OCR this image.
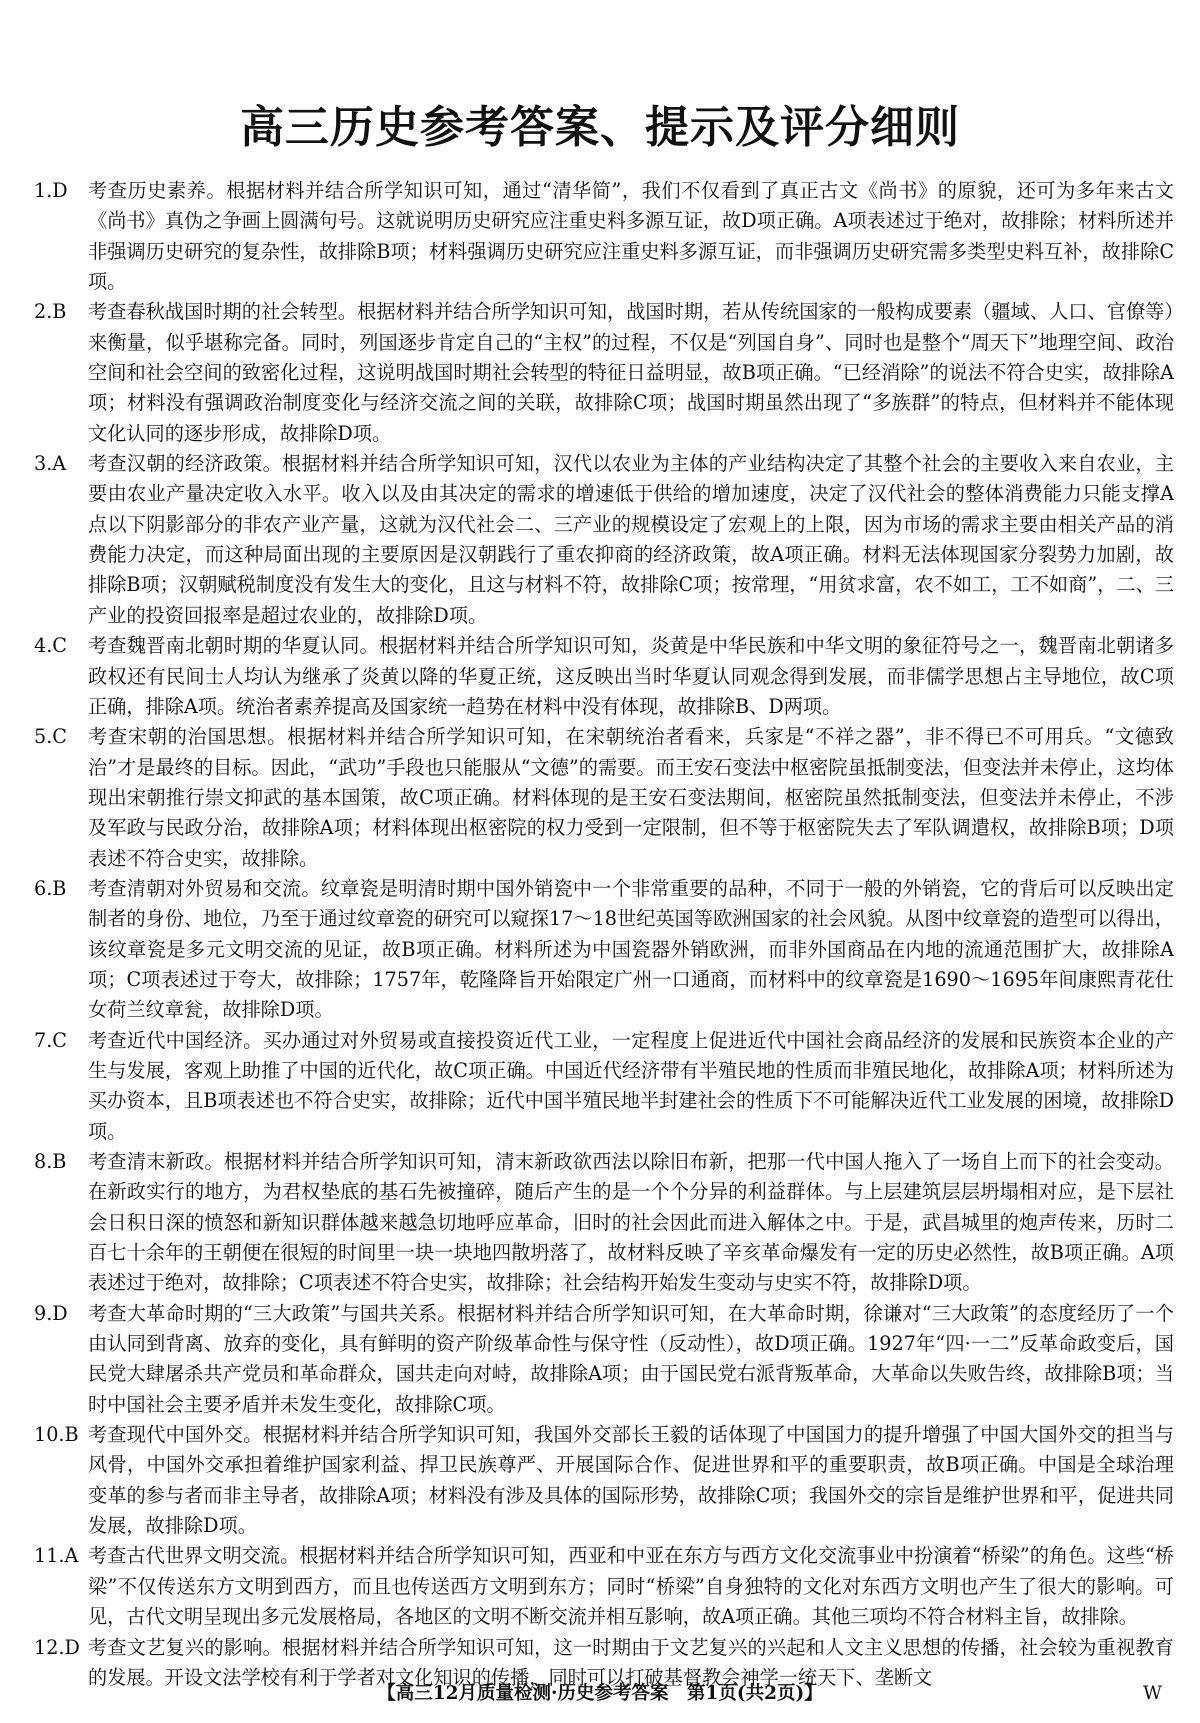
高三历史参考答案、提示及评分细则
1.D	考查历史素养。根据材料并结合所学知识可知，通过“清华简”，我们不仅看到了真正古文《尚书》的原貌，还可为多年来古文《尚书》真伪之争画上圆满句号。这就说明历史研究应注重史料多源互证，故D项正确。A项表述过于绝对，故排除；材料所述并非强调历史研究的复杂性，故排除B项；材料强调历史研究应注重史料多源互证，而非强调历史研究需多类型史料互补，故排除C项。
2.B	考查春秋战国时期的社会转型。根据材料并结合所学知识可知，战国时期，若从传统国家的一般构成要素（疆域、人口、官僚等）来衡量，似乎堪称完备。同时，列国逐步肯定自己的“主权”的过程，不仅是“列国自身”、同时也是整个“周天下”地理空间、政治空间和社会空间的致密化过程，这说明战国时期社会转型的特征日益明显，故B项正确。“已经消除”的说法不符合史实，故排除A项；材料没有强调政治制度变化与经济交流之间的关联，故排除C项；战国时期虽然出现了“多族群”的特点，但材料并不能体现文化认同的逐步形成，故排除D项。
3.A	考查汉朝的经济政策。根据材料并结合所学知识可知，汉代以农业为主体的产业结构决定了其整个社会的主要收入来自农业，主要由农业产量决定收入水平。收入以及由其决定的需求的增速低于供给的增加速度，决定了汉代社会的整体消费能力只能支撑A点以下阴影部分的非农产业产量，这就为汉代社会二、三产业的规模设定了宏观上的上限，因为市场的需求主要由相关产品的消费能力决定，而这种局面出现的主要原因是汉朝践行了重农抑商的经济政策，故A项正确。材料无法体现国家分裂势力加剧，故排除B项；汉朝赋税制度没有发生大的变化，且这与材料不符，故排除C项；按常理，“用贫求富，农不如工，工不如商”，二、三产业的投资回报率是超过农业的，故排除D项。
4.C	考查魏晋南北朝时期的华夏认同。根据材料并结合所学知识可知，炎黄是中华民族和中华文明的象征符号之一，魏晋南北朝诸多政权还有民间士人均认为继承了炎黄以降的华夏正统，这反映出当时华夏认同观念得到发展，而非儒学思想占主导地位，故C项正确，排除A项。统治者素养提高及国家统一趋势在材料中没有体现，故排除B、D两项。
5.C	考查宋朝的治国思想。根据材料并结合所学知识可知，在宋朝统治者看来，兵家是“不祥之器”，非不得已不可用兵。“文德致治”才是最终的目标。因此，“武功”手段也只能服从“文德”的需要。而王安石变法中枢密院虽抵制变法，但变法并未停止，这均体现出宋朝推行崇文抑武的基本国策，故C项正确。材料体现的是王安石变法期间，枢密院虽然抵制变法，但变法并未停止，不涉及军政与民政分治，故排除A项；材料体现出枢密院的权力受到一定限制，但不等于枢密院失去了军队调遣权，故排除B项；D项表述不符合史实，故排除。
6.B	考查清朝对外贸易和交流。纹章瓷是明清时期中国外销瓷中一个非常重要的品种，不同于一般的外销瓷，它的背后可以反映出定制者的身份、地位，乃至于通过纹章瓷的研究可以窥探17～18世纪英国等欧洲国家的社会风貌。从图中纹章瓷的造型可以得出，该纹章瓷是多元文明交流的见证，故B项正确。材料所述为中国瓷器外销欧洲，而非外国商品在内地的流通范围扩大，故排除A项；C项表述过于夸大，故排除；1757年，乾隆降旨开始限定广州一口通商，而材料中的纹章瓷是1690～1695年间康熙青花仕女荷兰纹章瓮，故排除D项。
7.C	考查近代中国经济。买办通过对外贸易或直接投资近代工业，一定程度上促进近代中国社会商品经济的发展和民族资本企业的产生与发展，客观上助推了中国的近代化，故C项正确。中国近代经济带有半殖民地的性质而非殖民地化，故排除A项；材料所述为买办资本，且B项表述也不符合史实，故排除；近代中国半殖民地半封建社会的性质下不可能解决近代工业发展的困境，故排除D项。
8.B	考查清末新政。根据材料并结合所学知识可知，清末新政欲西法以除旧布新，把那一代中国人拖入了一场自上而下的社会变动。在新政实行的地方，为君权垫底的基石先被撞碎，随后产生的是一个个分异的利益群体。与上层建筑层层坍塌相对应，是下层社会日积日深的愤怒和新知识群体越来越急切地呼应革命，旧时的社会因此而进入解体之中。于是，武昌城里的炮声传来，历时二百七十余年的王朝便在很短的时间里一块一块地四散坍落了，故材料反映了辛亥革命爆发有一定的历史必然性，故B项正确。A项表述过于绝对，故排除；C项表述不符合史实，故排除；社会结构开始发生变动与史实不符，故排除D项。
9.D	考查大革命时期的“三大政策”与国共关系。根据材料并结合所学知识可知，在大革命时期，徐谦对“三大政策”的态度经历了一个由认同到背离、放弃的变化，具有鲜明的资产阶级革命性与保守性（反动性），故D项正确。1927年“四·一二”反革命政变后，国民党大肆屠杀共产党员和革命群众，国共走向对峙，故排除A项；由于国民党右派背叛革命，大革命以失败告终，故排除B项；当时中国社会主要矛盾并未发生变化，故排除C项。
10.B 考查现代中国外交。根据材料并结合所学知识可知，我国外交部长王毅的话体现了中国国力的提升增强了中国大国外交的担当与风骨，中国外交承担着维护国家利益、捍卫民族尊严、开展国际合作、促进世界和平的重要职责，故B项正确。中国是全球治理变革的参与者而非主导者，故排除A项；材料没有涉及具体的国际形势，故排除C项；我国外交的宗旨是维护世界和平，促进共同发展，故排除D项。
11.A 考查古代世界文明交流。根据材料并结合所学知识可知，西亚和中亚在东方与西方文化交流事业中扮演着“桥梁”的角色。这些“桥梁”不仅传送东方文明到西方，而且也传送西方文明到东方；同时“桥梁”自身独特的文化对东西方文明也产生了很大的影响。可见，古代文明呈现出多元发展格局，各地区的文明不断交流并相互影响，故A项正确。其他三项均不符合材料主旨，故排除。
12.D 考查文艺复兴的影响。根据材料并结合所学知识可知，这一时期由于文艺复兴的兴起和人文主义思想的传播，社会较为重视教育的发展。开设文法学校有利于学者对文化知识的传播，同时可以打破基督教会神学一统天下、垄断文
【高三12月质量检测·历史参考答案　第1页(共2页)】	W
